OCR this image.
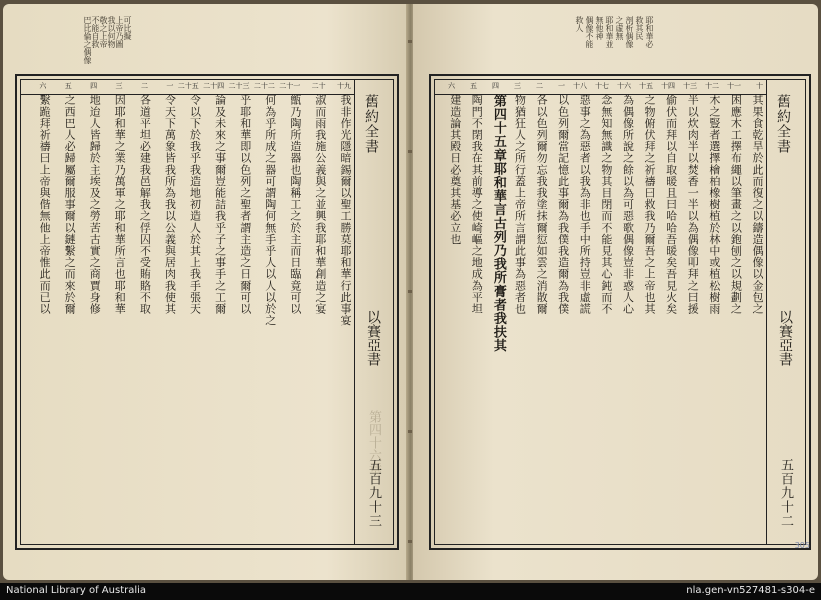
舊約全書
以賽亞書
第四十六章
五百九十三
十九
二十
二十一
二十二
二十三
二十四
二十五
一
二
三
四
五
六
我非作光隱暗錫爾以聖工勝莫耶和華行此事宴
淑而雨我施公義與之並興我耶和華創造之宴
甑乃陶所造器也陶稱工之於主而日臨竟可以
何為乎所成之器可謂陶何無手乎人以人以於之
乎耶和華即以色列之聖者謂主造之日爾可以
論及未來之事爾豈能詰我乎子之事手之工爾
令以下於我乎我造地初造人於其上我手張天
令天下萬象皆我所為我以公義與居肉我使其
各道平坦必建我邑解我之俘囚不受賄賂不取
因耶和華之業乃萬軍之耶和華所言也耶和華
地迨人皆歸於主埃及之勞苦古實之商賈身修
之西巴人必歸屬爾服事爾以鏈繫之而來於爾
繫跪拜祈禱曰上帝與偕無他上帝惟此而已以
可比擬
上帝乃圖
我以何物
敬之上帝
不能自救
巴比倫之偶像
舊約全書
以賽亞書
五百九十二
十
十一
十二
十三
十四
十五
十六
十七
十八
一
二
三
四
五
六
其果食乾旱於此而復之以鑄造偶像以金包之
困應木工擇布繩以筆畫之以鉋刨之以規劃之
木之豎者選擇檜柏橡樹植於林中或植松樹雨
半以炊肉半以焚香一半以為偶像叩拜之曰援
偷伏而拜以自取暖且曰哈哈吾暖矣吾見火矣
之物俯伏拜之祈禱曰救我乃爾吾之上帝也其
為偶像所說之餘以為可惡歌偶像豈非惑人心
念無知無識之物其目閉而不能見其心鈍而不
惡事之為惡者以我為非也手中所持豈非虛謊
以色列爾當記憶此事爾為我僕我造爾為我僕
各以色列爾勿忘我我塗抹爾愆如雲之消散爾
物猶狂人之所行蓋上帝所言謂此事為惡者也
第四十五章耶和華言古列乃我所膏者我扶其
陶門不閉我在其前導之使崎嶇之地成為平坦
建造論其殿日必奠其基必立也
耶和華必
救其民
剖析偶像
之虛無
耶和華並
無他神
偶像不能
救人
305
National Library of Australia	nla.gen-vn527481-s304-e
